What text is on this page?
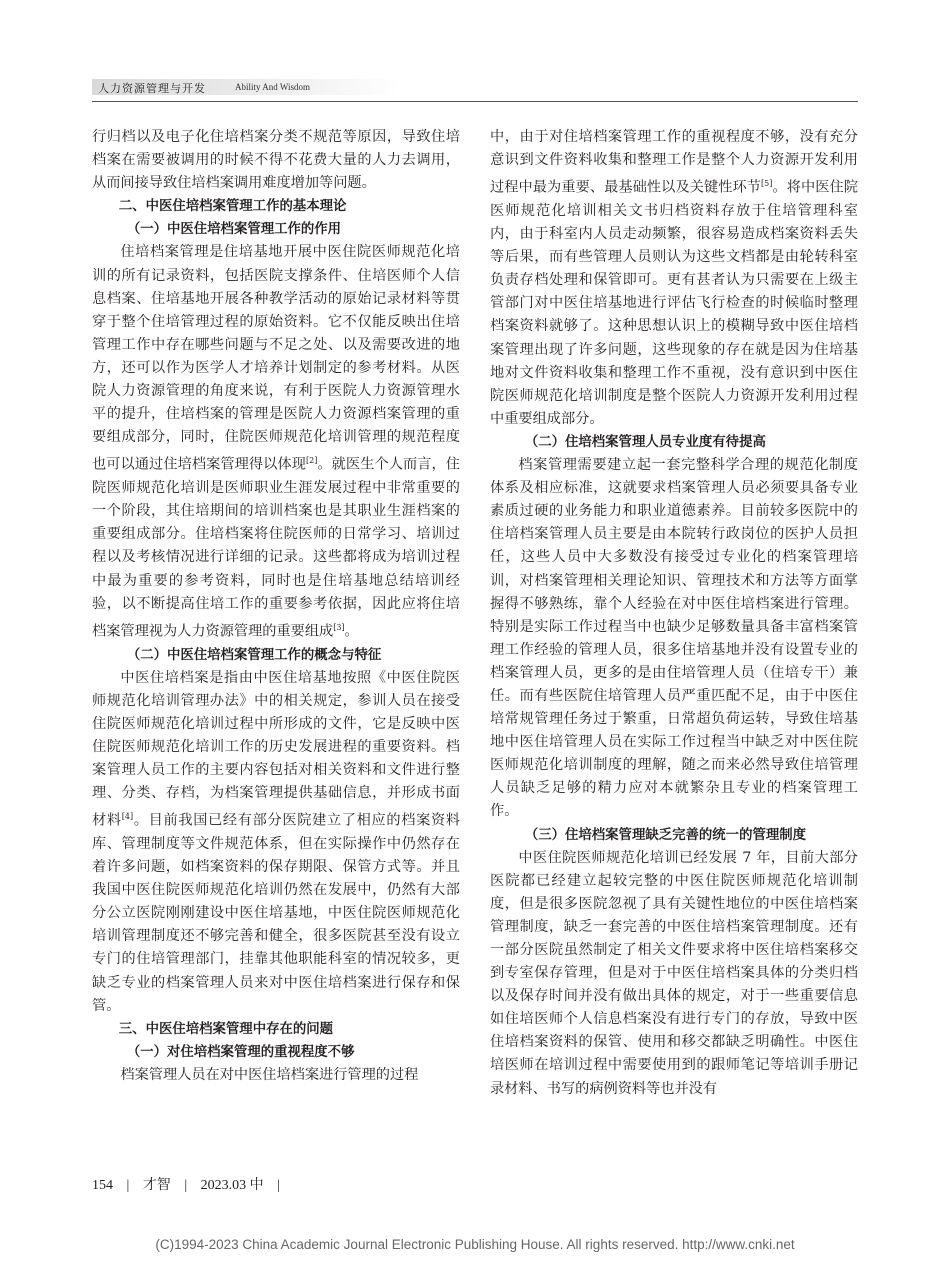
人力资源管理与开发	Ability And Wisdom

行归档以及电子化住培档案分类不规范等原因，导致住培档案在需要被调用的时候不得不花费大量的人力去调用，从而间接导致住培档案调用难度增加等问题。

二、中医住培档案管理工作的基本理论
（一）中医住培档案管理工作的作用

住培档案管理是住培基地开展中医住院医师规范化培训的所有记录资料，包括医院支撑条件、住培医师个人信息档案、住培基地开展各种教学活动的原始记录材料等贯穿于整个住培管理过程的原始资料。它不仅能反映出住培管理工作中存在哪些问题与不足之处、以及需要改进的地方，还可以作为医学人才培养计划制定的参考材料。从医院人力资源管理的角度来说，有利于医院人力资源管理水平的提升，住培档案的管理是医院人力资源档案管理的重要组成部分，同时，住院医师规范化培训管理的规范程度也可以通过住培档案管理得以体现[2]。就医生个人而言，住院医师规范化培训是医师职业生涯发展过程中非常重要的一个阶段，其住培期间的培训档案也是其职业生涯档案的重要组成部分。住培档案将住院医师的日常学习、培训过程以及考核情况进行详细的记录。这些都将成为培训过程中最为重要的参考资料，同时也是住培基地总结培训经验，以不断提高住培工作的重要参考依据，因此应将住培档案管理视为人力资源管理的重要组成[3]。

（二）中医住培档案管理工作的概念与特征

中医住培档案是指由中医住培基地按照《中医住院医师规范化培训管理办法》中的相关规定，参训人员在接受住院医师规范化培训过程中所形成的文件，它是反映中医住院医师规范化培训工作的历史发展进程的重要资料。档案管理人员工作的主要内容包括对相关资料和文件进行整理、分类、存档，为档案管理提供基础信息，并形成书面材料[4]。目前我国已经有部分医院建立了相应的档案资料库、管理制度等文件规范体系，但在实际操作中仍然存在着许多问题，如档案资料的保存期限、保管方式等。并且我国中医住院医师规范化培训仍然在发展中，仍然有大部分公立医院刚刚建设中医住培基地，中医住院医师规范化培训管理制度还不够完善和健全，很多医院甚至没有设立专门的住培管理部门，挂靠其他职能科室的情况较多，更缺乏专业的档案管理人员来对中医住培档案进行保存和保管。

三、中医住培档案管理中存在的问题
（一）对住培档案管理的重视程度不够

档案管理人员在对中医住培档案进行管理的过程

中，由于对住培档案管理工作的重视程度不够，没有充分意识到文件资料收集和整理工作是整个人力资源开发利用过程中最为重要、最基础性以及关键性环节[5]。将中医住院医师规范化培训相关文书归档资料存放于住培管理科室内，由于科室内人员走动频繁，很容易造成档案资料丢失等后果，而有些管理人员则认为这些文档都是由轮转科室负责存档处理和保管即可。更有甚者认为只需要在上级主管部门对中医住培基地进行评估飞行检查的时候临时整理档案资料就够了。这种思想认识上的模糊导致中医住培档案管理出现了许多问题，这些现象的存在就是因为住培基地对文件资料收集和整理工作不重视，没有意识到中医住院医师规范化培训制度是整个医院人力资源开发利用过程中重要组成部分。

（二）住培档案管理人员专业度有待提高

档案管理需要建立起一套完整科学合理的规范化制度体系及相应标准，这就要求档案管理人员必须要具备专业素质过硬的业务能力和职业道德素养。目前较多医院中的住培档案管理人员主要是由本院转行政岗位的医护人员担任，这些人员中大多数没有接受过专业化的档案管理培训，对档案管理相关理论知识、管理技术和方法等方面掌握得不够熟练，靠个人经验在对中医住培档案进行管理。特别是实际工作过程当中也缺少足够数量具备丰富档案管理工作经验的管理人员，很多住培基地并没有设置专业的档案管理人员，更多的是由住培管理人员（住培专干）兼任。而有些医院住培管理人员严重匹配不足，由于中医住培常规管理任务过于繁重，日常超负荷运转，导致住培基地中医住培管理人员在实际工作过程当中缺乏对中医住院医师规范化培训制度的理解，随之而来必然导致住培管理人员缺乏足够的精力应对本就繁杂且专业的档案管理工作。

（三）住培档案管理缺乏完善的统一的管理制度

中医住院医师规范化培训已经发展 7 年，目前大部分医院都已经建立起较完整的中医住院医师规范化培训制度，但是很多医院忽视了具有关键性地位的中医住培档案管理制度，缺乏一套完善的中医住培档案管理制度。还有一部分医院虽然制定了相关文件要求将中医住培档案移交到专室保存管理，但是对于中医住培档案具体的分类归档以及保存时间并没有做出具体的规定，对于一些重要信息如住培医师个人信息档案没有进行专门的存放，导致中医住培档案资料的保管、使用和移交都缺乏明确性。中医住培医师在培训过程中需要使用到的跟师笔记等培训手册记录材料、书写的病例资料等也并没有

154 | 才智 | 2023.03 中 |
(C)1994-2023 China Academic Journal Electronic Publishing House. All rights reserved. http://www.cnki.net
